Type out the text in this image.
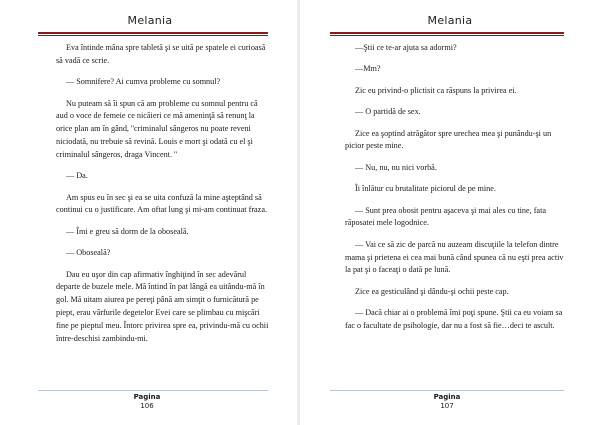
Melania

Eva întinde mâna spre tabletă şi se uită pe spatele ei curioasă să vadă ce scrie.

— Somnifere? Ai cumva probleme cu somnul?

Nu puteam să îi spun că am probleme cu somnul pentru că aud o voce de femeie ce nicăieri ce mă ameninţă să renunţ la orice plan am în gând, ''criminalul sângeros nu poate reveni niciodată, nu trebuie să revină. Louis e mort şi odată cu el şi criminalul sângeros, draga Vincent. ''

— Da.

Am spus eu în sec şi ea se uita confuză la mine aşteptând să continui cu o justificare. Am oftat lung şi mi-am continuat fraza.

— Îmi e greu să dorm de la oboseală.

— Oboseală?

Dau eu uşor din cap afirmativ înghiţind în sec adevărul departe de buzele mele. Mă întind în pat lângă ea uitându-mă în gol. Mă uitam aiurea pe pereţi până am simţit o furnicătură pe piept, erau vârfurile degetelor Evei care se plimbau cu mişcări fine pe pieptul meu. Întorc privirea spre ea, privindu-mă cu ochii între-deschisi zambindu-mi.

Pagina
106
Melania

—Ştii ce te-ar ajuta sa adormi?

—Mm?

Zic eu privind-o plictisit ca răspuns la privirea ei.

— O partidă de sex.

Zice ea şoptind atrăgător spre urechea mea şi punându-şi un picior peste mine.

— Nu, nu, nu nici vorbă.

Îi înlătur cu brutalitate piciorul de pe mine.

— Sunt prea obosit pentru aşaceva şi mai ales cu tine, fata răposatei mele logodnice.

— Vai ce să zic de parcă nu auzeam discuţiile la telefon dintre mama şi prietena ei cea mai bună când spunea că nu eşti prea activ la pat şi o faceaţi o dată pe lună.

Zice ea gesticulând şi dându-şi ochii peste cap.

— Dacă chiar ai o problemă îmi poţi spune. Ştii ca eu voiam sa fac o facultate de psihologie, dar nu a fost să fie…deci te ascult.

Pagina
107
